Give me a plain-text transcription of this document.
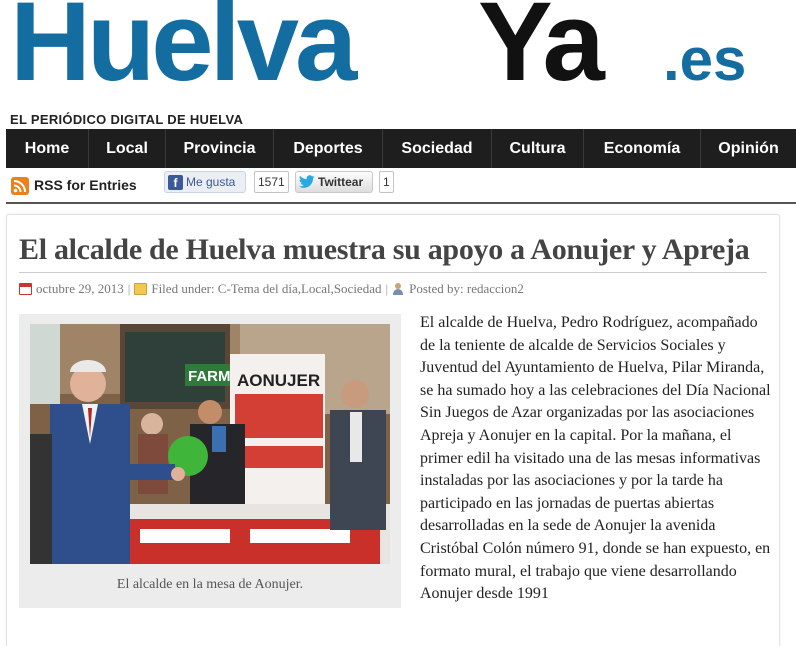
Huelva Ya .es
EL PERIÓDICO DIGITAL DE HUELVA
Home	Local	Provincia	Deportes	Sociedad	Cultura	Economía	Opinión
RSS for Entries	f Me gusta	1571	Twittear	1
El alcalde de Huelva muestra su apoyo a Aonujer y Apreja
octubre 29, 2013 | Filed under: C-Tema del día,Local,Sociedad | Posted by: redaccion2
FARM AONUJER
El alcalde en la mesa de Aonujer.

El alcalde de Huelva, Pedro Rodríguez, acompañado de la teniente de alcalde de Servicios Sociales y Juventud del Ayuntamiento de Huelva, Pilar Miranda, se ha sumado hoy a las celebraciones del Día Nacional Sin Juegos de Azar organizadas por las asociaciones Apreja y Aonujer en la capital. Por la mañana, el primer edil ha visitado una de las mesas informativas instaladas por las asociaciones y por la tarde ha participado en las jornadas de puertas abiertas desarrolladas en la sede de Aonujer la avenida Cristóbal Colón número 91, donde se han expuesto, en formato mural, el trabajo que viene desarrollando Aonujer desde 1991
